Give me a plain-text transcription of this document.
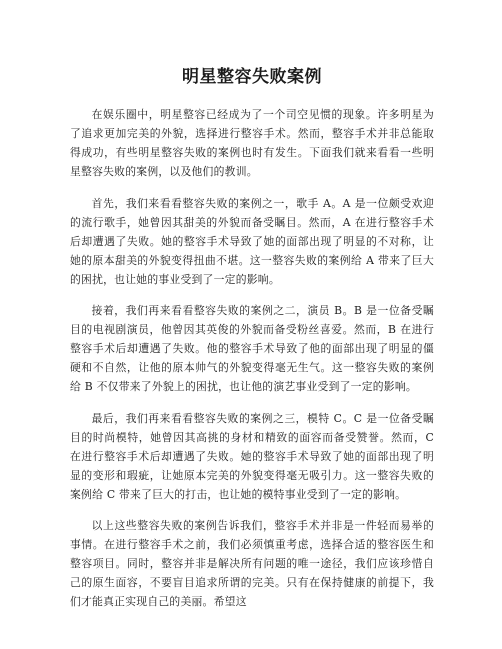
明星整容失败案例

在娱乐圈中，明星整容已经成为了一个司空见惯的现象。许多明星为了追求更加完美的外貌，选择进行整容手术。然而，整容手术并非总能取得成功，有些明星整容失败的案例也时有发生。下面我们就来看看一些明星整容失败的案例，以及他们的教训。

首先，我们来看看整容失败的案例之一，歌手 A。A 是一位颇受欢迎的流行歌手，她曾因其甜美的外貌而备受瞩目。然而，A 在进行整容手术后却遭遇了失败。她的整容手术导致了她的面部出现了明显的不对称，让她的原本甜美的外貌变得扭曲不堪。这一整容失败的案例给 A 带来了巨大的困扰，也让她的事业受到了一定的影响。

接着，我们再来看看整容失败的案例之二，演员 B。B 是一位备受瞩目的电视剧演员，他曾因其英俊的外貌而备受粉丝喜爱。然而，B 在进行整容手术后却遭遇了失败。他的整容手术导致了他的面部出现了明显的僵硬和不自然，让他的原本帅气的外貌变得毫无生气。这一整容失败的案例给 B 不仅带来了外貌上的困扰，也让他的演艺事业受到了一定的影响。

最后，我们再来看看整容失败的案例之三，模特 C。C 是一位备受瞩目的时尚模特，她曾因其高挑的身材和精致的面容而备受赞誉。然而，C 在进行整容手术后却遭遇了失败。她的整容手术导致了她的面部出现了明显的变形和瑕疵，让她原本完美的外貌变得毫无吸引力。这一整容失败的案例给 C 带来了巨大的打击，也让她的模特事业受到了一定的影响。

以上这些整容失败的案例告诉我们，整容手术并非是一件轻而易举的事情。在进行整容手术之前，我们必须慎重考虑，选择合适的整容医生和整容项目。同时，整容并非是解决所有问题的唯一途径，我们应该珍惜自己的原生面容，不要盲目追求所谓的完美。只有在保持健康的前提下，我们才能真正实现自己的美丽。希望这
